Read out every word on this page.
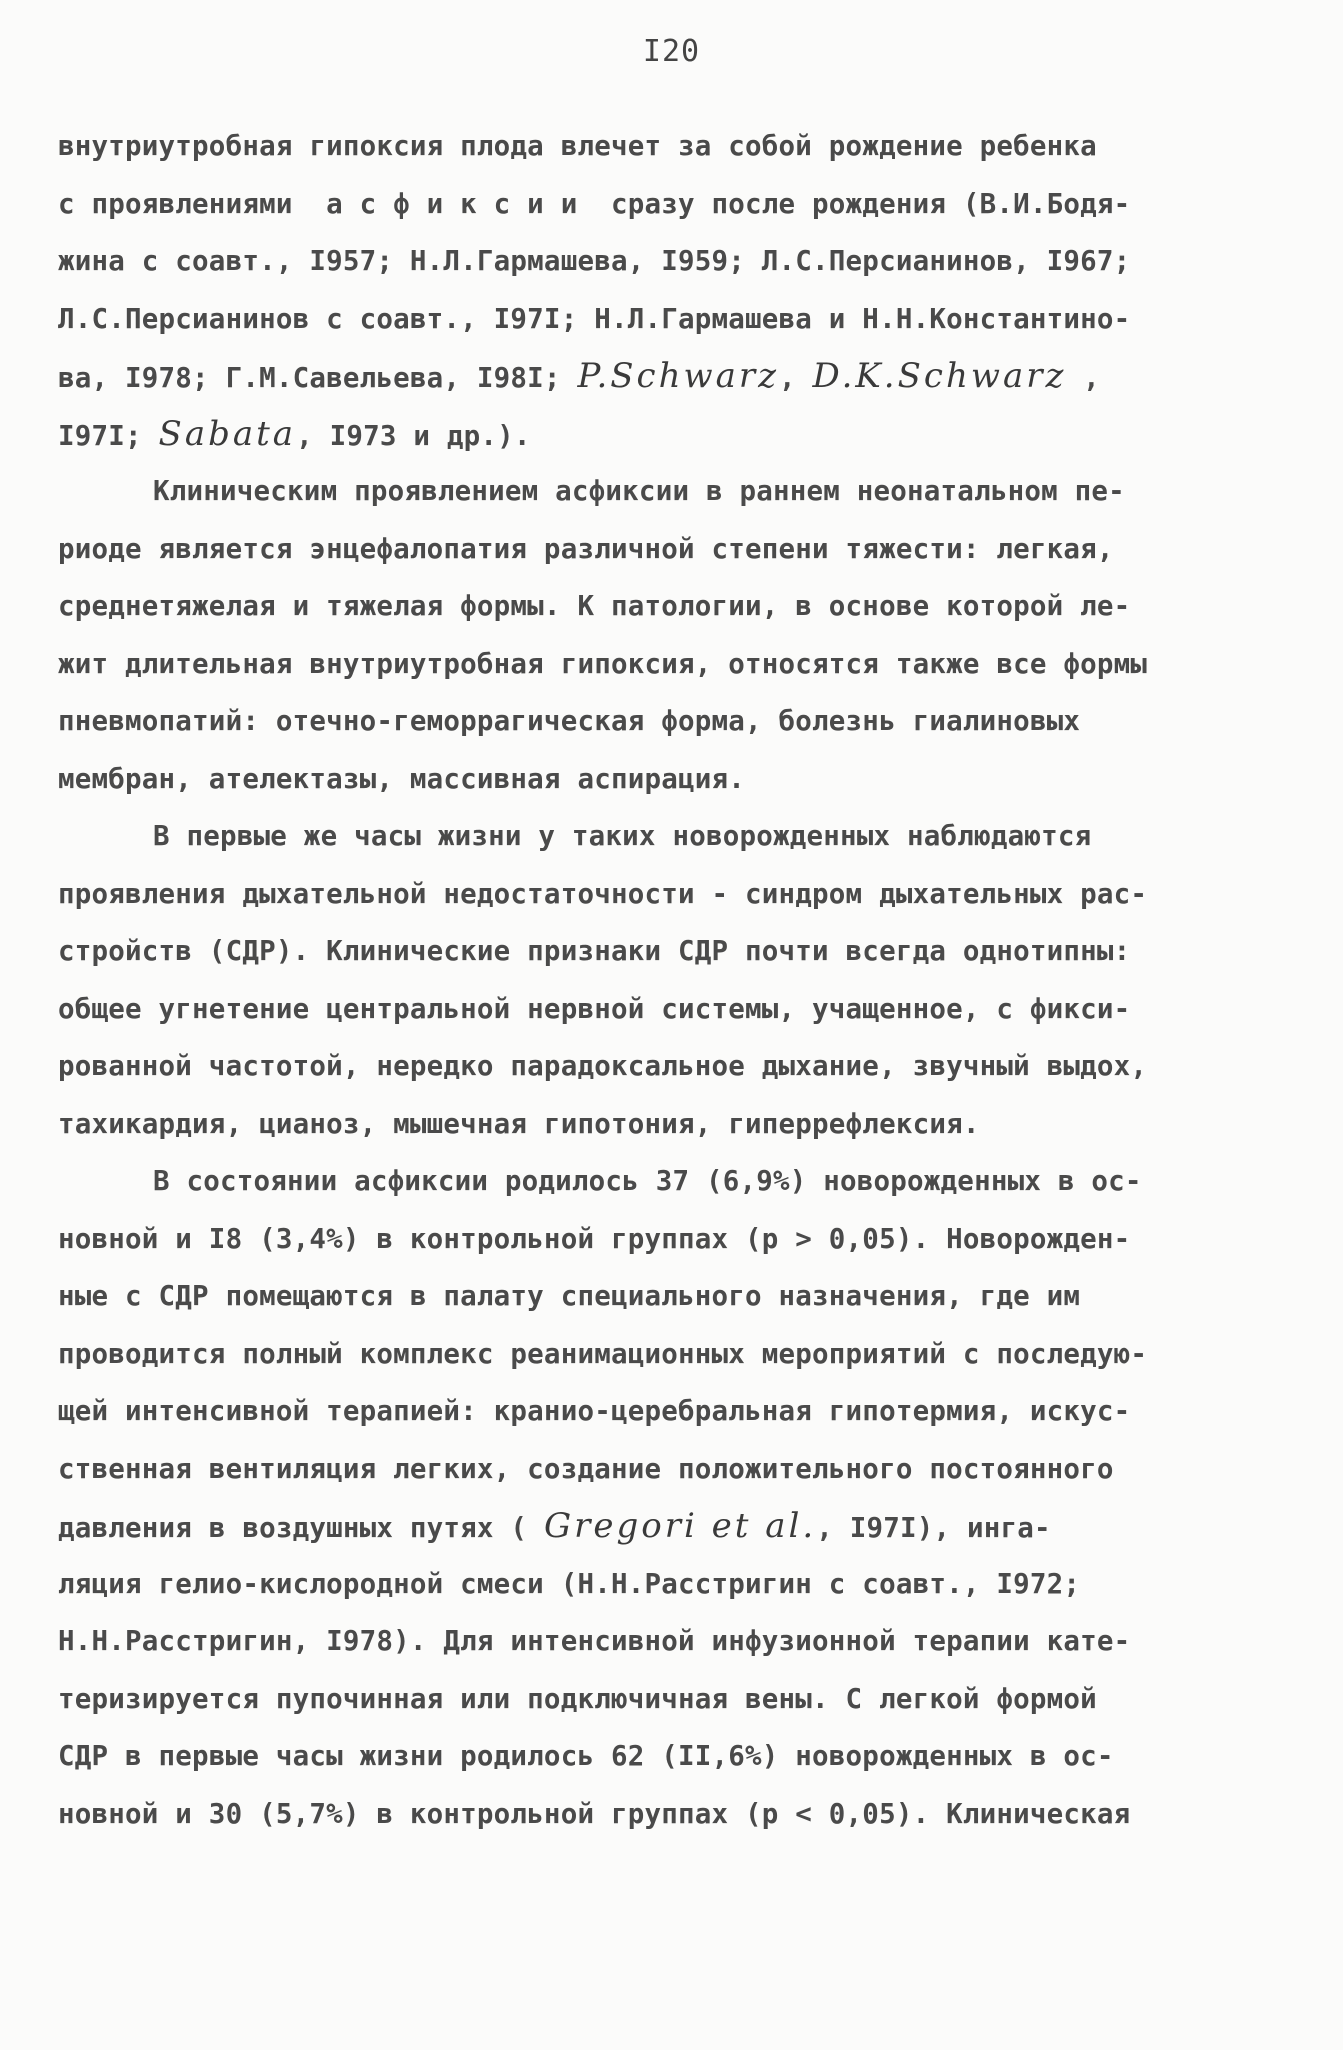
I20
внутриутробная гипоксия плода влечет за собой рождение ребенка
с проявлениями  а с ф и к с и и  сразу после рождения (В.И.Бодя-
жина с соавт., I957; Н.Л.Гармашева, I959; Л.С.Персианинов, I967;
Л.С.Персианинов с соавт., I97I; Н.Л.Гармашева и Н.Н.Константино-
ва, I978; Г.М.Савельева, I98I; P.Schwarz, D.K.Schwarz ,
I97I; Sabata, I973 и др.).
Клиническим проявлением асфиксии в раннем неонатальном пе-
риоде является энцефалопатия различной степени тяжести: легкая,
среднетяжелая и тяжелая формы. К патологии, в основе которой ле-
жит длительная внутриутробная гипоксия, относятся также все формы
пневмопатий: отечно-геморрагическая форма, болезнь гиалиновых
мембран, ателектазы, массивная аспирация.
В первые же часы жизни у таких новорожденных наблюдаются
проявления дыхательной недостаточности - синдром дыхательных рас-
стройств (СДР). Клинические признаки СДР почти всегда однотипны:
общее угнетение центральной нервной системы, учащенное, с фикси-
рованной частотой, нередко парадоксальное дыхание, звучный выдох,
тахикардия, цианоз, мышечная гипотония, гиперрефлексия.
В состоянии асфиксии родилось 37 (6,9%) новорожденных в ос-
новной и I8 (3,4%) в контрольной группах (р > 0,05). Новорожден-
ные с СДР помещаются в палату специального назначения, где им
проводится полный комплекс реанимационных мероприятий с последую-
щей интенсивной терапией: кранио-церебральная гипотермия, искус-
ственная вентиляция легких, создание положительного постоянного
давления в воздушных путях ( Gregori et al., I97I), инга-
ляция гелио-кислородной смеси (Н.Н.Расстригин с соавт., I972;
Н.Н.Расстригин, I978). Для интенсивной инфузионной терапии кате-
теризируется пупочинная или подключичная вены. С легкой формой
СДР в первые часы жизни родилось 62 (II,6%) новорожденных в ос-
новной и 30 (5,7%) в контрольной группах (р < 0,05). Клиническая
